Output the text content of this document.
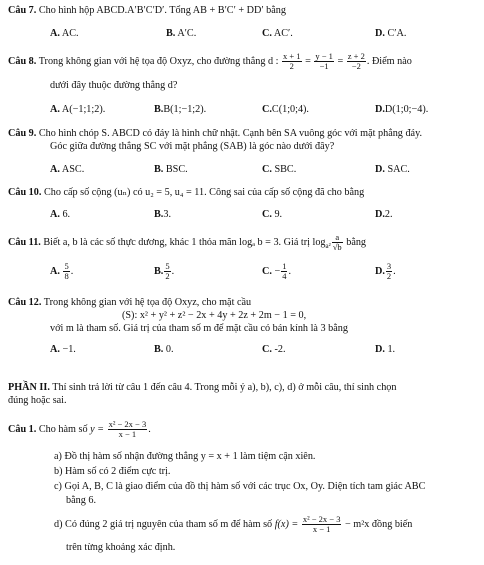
Câu 7. Cho hình hộp ABCD.A′B′C′D′. Tổng AB + B′C′ + DD′ bằng
A. AC.	B. A′C.	C. AC′.	D. C′A.
Câu 8. Trong không gian với hệ tọa độ Oxyz, cho đường thẳng d : $\frac{x + 1}{2} = \frac{y - 1}{-1} = \frac{z + 2}{-2}$ . Điểm nào
dưới đây thuộc đường thẳng d?
A. A(−1;1;2).	B.B(1;−1;2).	C.C(1;0;4).	D.D(1;0;−4).
Câu 9. Cho hình chóp S. ABCD có đáy là hình chữ nhật. Cạnh bên SA vuông góc với mặt phẳng đáy.
Góc giữa đường thẳng SC với mặt phẳng (SAB) là góc nào dưới đây?
A. ASC.	B. BSC.	C. SBC.	D. SAC.
Câu 10. Cho cấp số cộng (uₙ) có u₂ = 5, u₄ = 11. Công sai của cấp số cộng đã cho bằng
A. 6.	B.3.	C. 9.	D.2.
Câu 11. Biết a, b là các số thực dương, khác 1 thỏa mãn logₐ b = 3. Giá trị $\log_{a^2} \frac{a}{√b}$ bằng
A. $\frac{5}{8}$ .	B. $\frac{5}{2}$ .	C. − $\frac{1}{4}$ .	D. $\frac{3}{2}$ .
Câu 12. Trong không gian với hệ tọa độ Oxyz, cho mặt cầu
(S): x² + y² + z² − 2x + 4y + 2z + 2m − 1 = 0,
với m là tham số. Giá trị của tham số m để mặt cầu có bán kính là 3 bằng
A. −1.	B. 0.	C. -2.	D. 1.
PHẦN II. Thí sinh trả lời từ câu 1 đến câu 4. Trong mỗi ý a), b), c), d) ở mỗi câu, thí sinh chọn
đúng hoặc sai.
Câu 1. Cho hàm số $y = \frac{\text{x² − 2x − 3}}{x - 1}$ .
a) Đồ thị hàm số nhận đường thẳng y = x + 1 làm tiệm cận xiên.
b) Hàm số có 2 điểm cực trị.
c) Gọi A, B, C là giao điểm của đồ thị hàm số với các trục Ox, Oy. Diện tích tam giác ABC
bằng 6.
d) Có đúng 2 giá trị nguyên của tham số m để hàm số $f(x) = \frac{\text{x² − 2x − 3}}{x - 1} - m^2x$ đồng biến
trên từng khoảng xác định.
